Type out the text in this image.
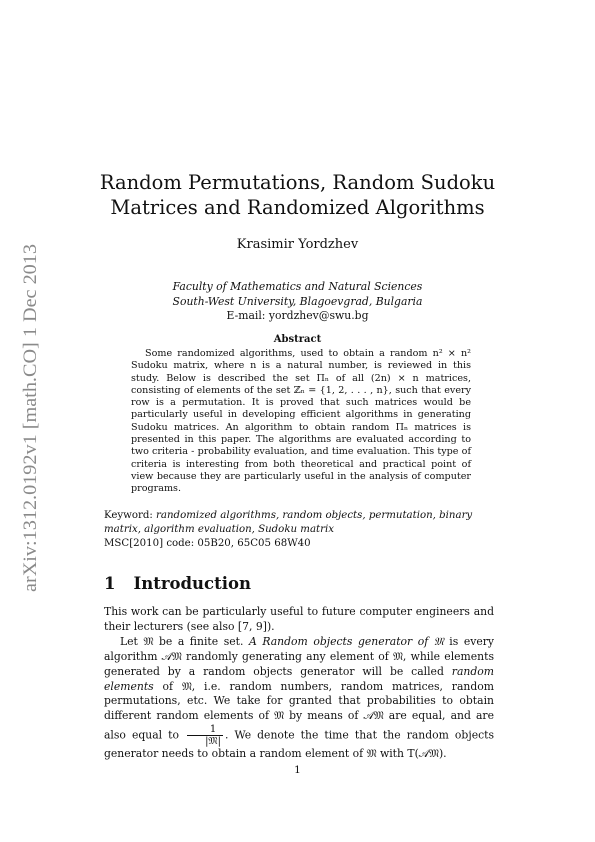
arXiv:1312.0192v1 [math.CO] 1 Dec 2013
Random Permutations, Random Sudoku
Matrices and Randomized Algorithms
Krasimir Yordzhev
Faculty of Mathematics and Natural Sciences
South-West University, Blagoevgrad, Bulgaria
E-mail: yordzhev@swu.bg
Abstract

Some randomized algorithms, used to obtain a random n² × n² Sudoku matrix, where n is a natural number, is reviewed in this study. Below is described the set Πₙ of all (2n) × n matrices, consisting of elements of the set ℤₙ = {1, 2, . . . , n}, such that every row is a permutation. It is proved that such matrices would be particularly useful in developing efficient algorithms in generating Sudoku matrices. An algorithm to obtain random Πₙ matrices is presented in this paper. The algorithms are evaluated according to two criteria - probability evaluation, and time evaluation. This type of criteria is interesting from both theoretical and practical point of view because they are particularly useful in the analysis of computer programs.

Keyword: randomized algorithms, random objects, permutation, binary matrix, algorithm evaluation, Sudoku matrix
MSC[2010] code: 05B20, 65C05 68W40
1 Introduction

This work can be particularly useful to future computer engineers and their lecturers (see also [7, 9]).

Let 𝔐 be a finite set. A Random objects generator of 𝔐 is every algorithm 𝒜𝔐 randomly generating any element of 𝔐, while elements generated by a random objects generator will be called random elements of 𝔐, i.e. random numbers, random matrices, random permutations, etc. We take for granted that probabilities to obtain different random elements of 𝔐 by means of 𝒜𝔐 are equal, and are also equal to $\frac{1}{\text{|𝔐|}}$ . We denote the time that the random objects generator needs to obtain a random element of 𝔐 with T(𝒜𝔐).

1
